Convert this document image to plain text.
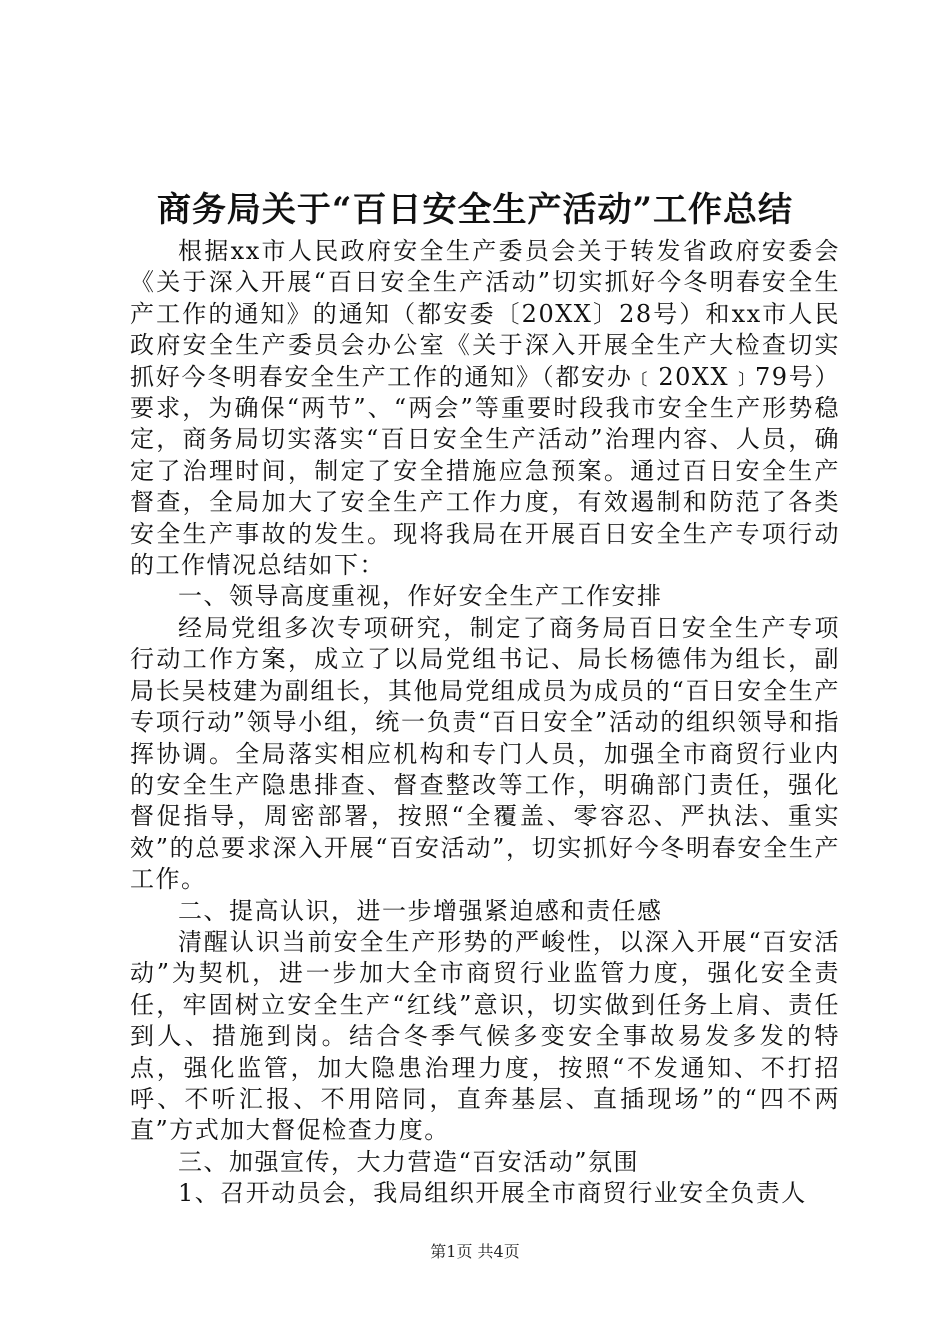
商务局关于“百日安全生产活动”工作总结

根据xx市人民政府安全生产委员会关于转发省政府安委会《关于深入开展“百日安全生产活动”切实抓好今冬明春安全生产工作的通知》的通知（都安委〔20XX〕28号）和xx市人民政府安全生产委员会办公室《关于深入开展全生产大检查切实抓好今冬明春安全生产工作的通知》（都安办﹝20XX﹞79号）要求，为确保“两节”、“两会”等重要时段我市安全生产形势稳定，商务局切实落实“百日安全生产活动”治理内容、人员，确定了治理时间，制定了安全措施应急预案。通过百日安全生产督查，全局加大了安全生产工作力度，有效遏制和防范了各类安全生产事故的发生。现将我局在开展百日安全生产专项行动的工作情况总结如下：

一、领导高度重视，作好安全生产工作安排

经局党组多次专项研究，制定了商务局百日安全生产专项行动工作方案，成立了以局党组书记、局长杨德伟为组长，副局长吴枝建为副组长，其他局党组成员为成员的“百日安全生产专项行动”领导小组，统一负责“百日安全”活动的组织领导和指挥协调。全局落实相应机构和专门人员，加强全市商贸行业内的安全生产隐患排查、督查整改等工作，明确部门责任，强化督促指导，周密部署，按照“全覆盖、零容忍、严执法、重实效”的总要求深入开展“百安活动”，切实抓好今冬明春安全生产工作。

二、提高认识，进一步增强紧迫感和责任感

清醒认识当前安全生产形势的严峻性，以深入开展“百安活动”为契机，进一步加大全市商贸行业监管力度，强化安全责任，牢固树立安全生产“红线”意识，切实做到任务上肩、责任到人、措施到岗。结合冬季气候多变安全事故易发多发的特点，强化监管，加大隐患治理力度，按照“不发通知、不打招呼、不听汇报、不用陪同，直奔基层、直插现场”的“四不两直”方式加大督促检查力度。

三、加强宣传，大力营造“百安活动”氛围

1、召开动员会，我局组织开展全市商贸行业安全负责人

第1页 共4页
